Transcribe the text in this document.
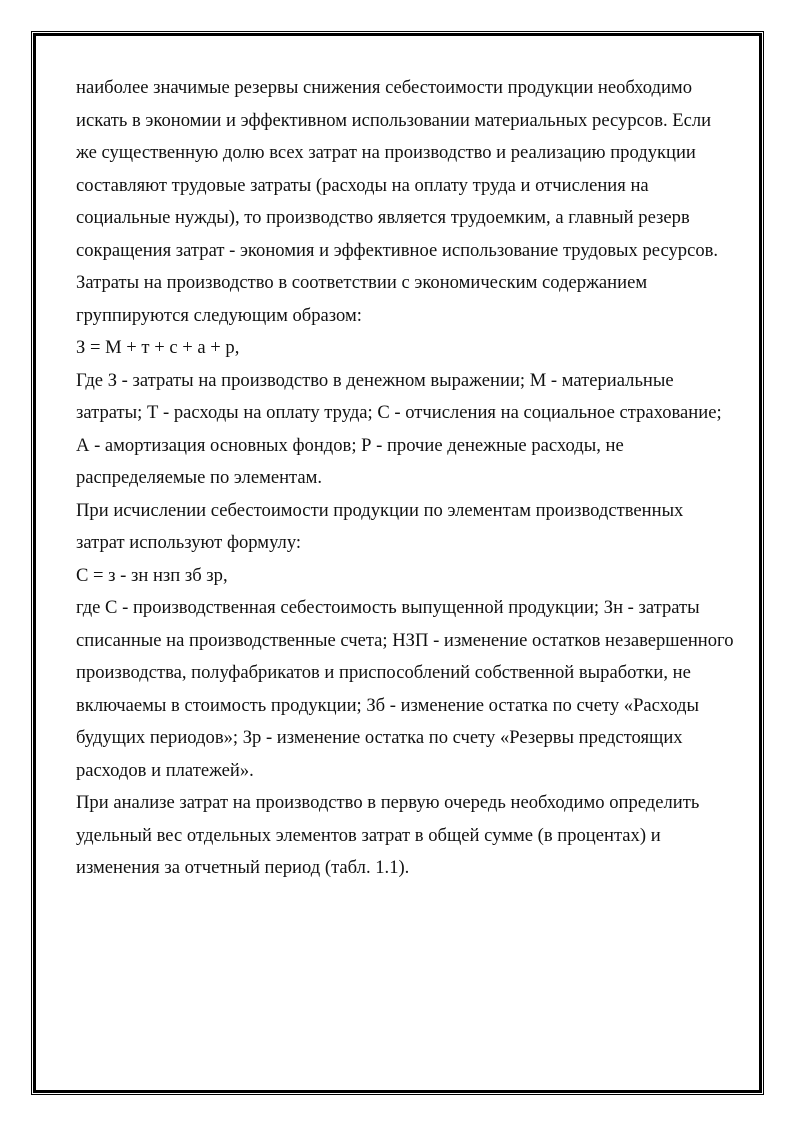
наиболее значимые резервы снижения себестоимости продукции необходимо искать в экономии и эффективном использовании материальных ресурсов. Если же существенную долю всех затрат на производство и реализацию продукции составляют трудовые затраты (расходы на оплату труда и отчисления на социальные нужды), то производство является трудоемким, а главный резерв сокращения затрат - экономия и эффективное использование трудовых ресурсов.

Затраты на производство в соответствии с экономическим содержанием группируются следующим образом:

З = М + т + с + а + р,

Где З - затраты на производство в денежном выражении; М - материальные затраты; Т - расходы на оплату труда; С - отчисления на социальное страхование; А - амортизация основных фондов; Р - прочие денежные расходы, не распределяемые по элементам.

При исчислении себестоимости продукции по элементам производственных затрат используют формулу:

С = з - зн нзп зб зр,

где С - производственная себестоимость выпущенной продукции; Зн - затраты списанные на производственные счета; НЗП - изменение остатков незавершенного производства, полуфабрикатов и приспособлений собственной выработки, не включаемы в стоимость продукции; Зб - изменение остатка по счету «Расходы будущих периодов»; Зр - изменение остатка по счету «Резервы предстоящих расходов и платежей».

При анализе затрат на производство в первую очередь необходимо определить удельный вес отдельных элементов затрат в общей сумме (в процентах) и изменения за отчетный период (табл. 1.1).
